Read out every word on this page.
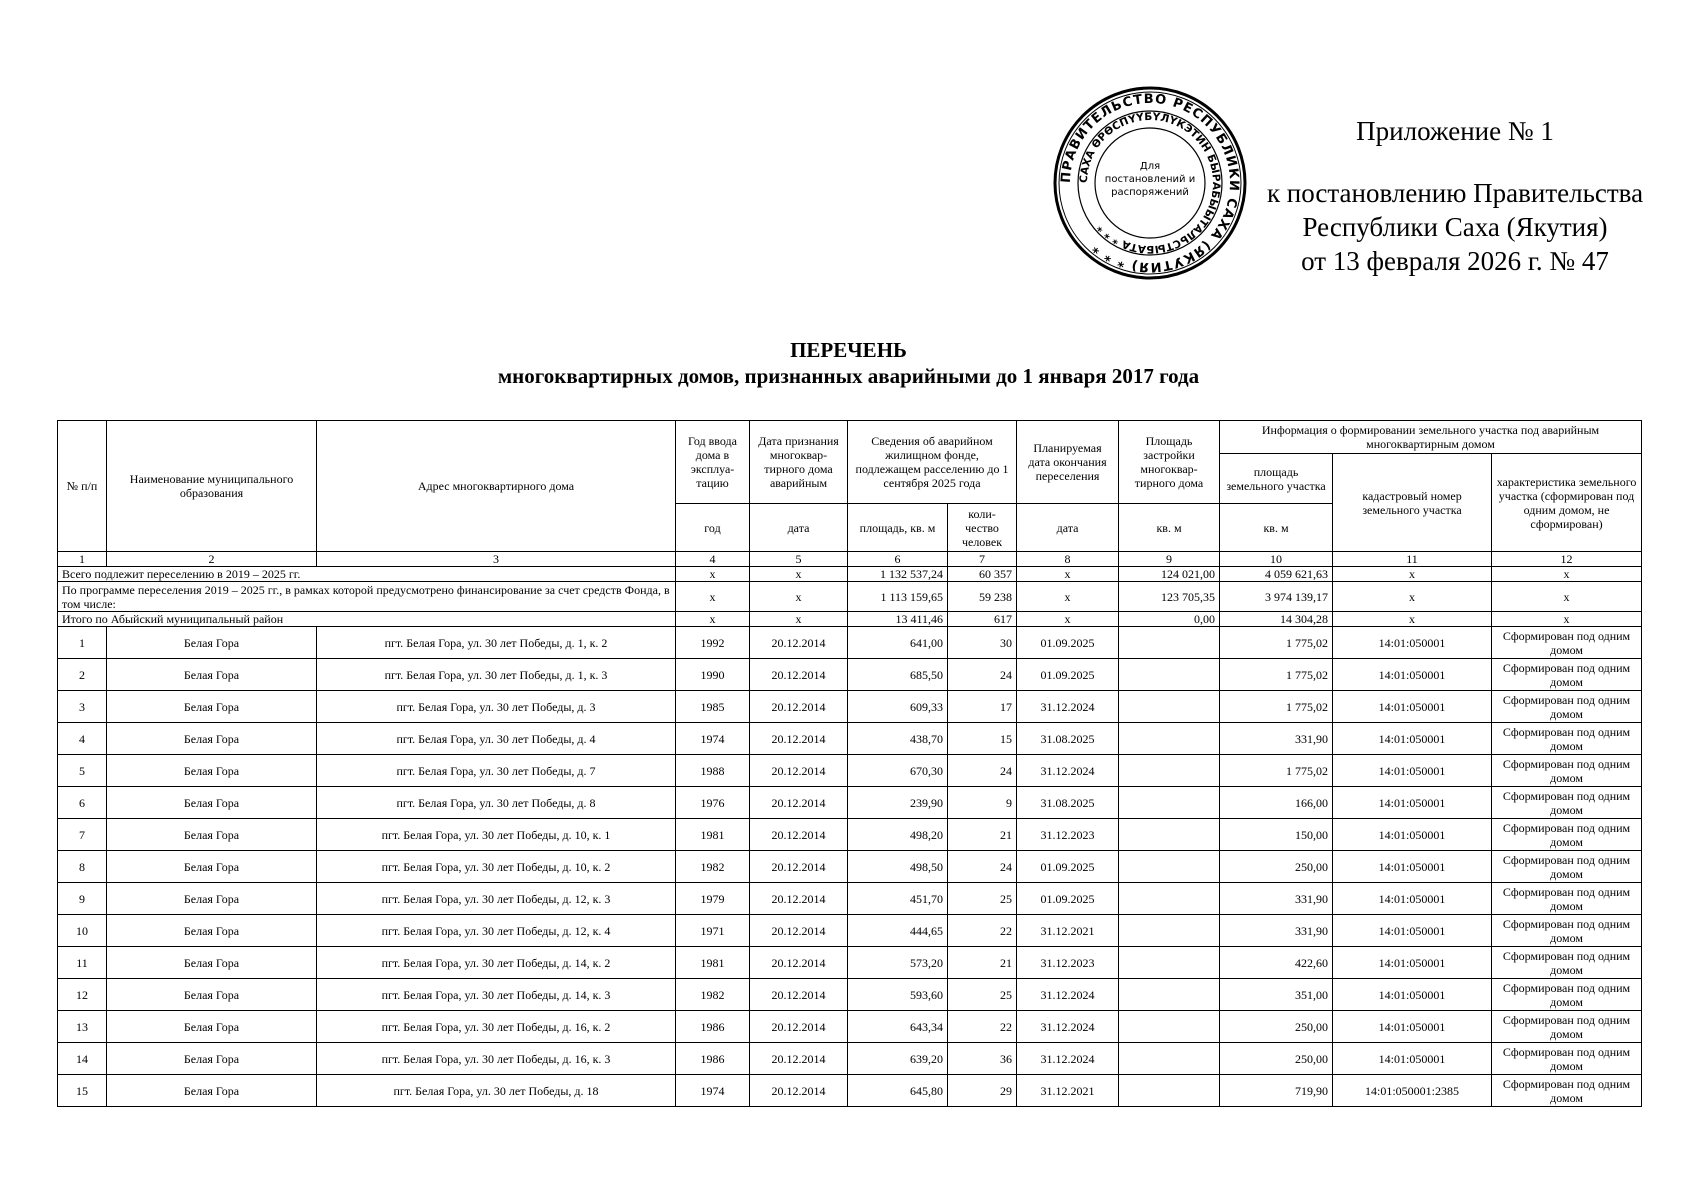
ПРАВИТЕЛЬСТВО РЕСПУБЛИКИ САХА (ЯКУТИЯ) * * *
САХА ӨРӨСПҮҮБҮЛҮКЭТИН БЫРАБЫЫТАЛЬСТЫБАТА * * *
Для
постановлений и
распоряжений
Приложение № 1
к постановлению Правительства
Республики Саха (Якутия)
от 13 февраля 2026 г. № 47
ПЕРЕЧЕНЬ
многоквартирных домов, признанных аварийными до 1 января 2017 года
№ п/п	Наименование муниципального образования	Адрес многоквартирного дома	Год ввода дома в эксплуа-тацию	Дата признания многоквар-тирного дома аварийным	Сведения об аварийном жилищном фонде, подлежащем расселению до 1 сентября 2025 года		Планируемая дата окончания переселения	Площадь застройки многоквар-тирного дома	Информация о формировании земельного участка под аварийным многоквартирным домом		
									площадь земельного участка	кадастровый номер земельного участка	характеристика земельного участка (сформирован под одним домом, не сформирован)
			год	дата	площадь, кв. м	коли-чество человек	дата	кв. м	кв. м		
1	2	3	4	5	6	7	8	9	10	11	12
Всего подлежит переселению в 2019 – 2025 гг.			x	x	1 132 537,24	60 357	x	124 021,00	4 059 621,63	x	x
По программе переселения 2019 – 2025 гг., в рамках которой предусмотрено финансирование за счет средств Фонда, в том числе:			x	x	1 113 159,65	59 238	x	123 705,35	3 974 139,17	x	x
Итого по Абыйский муниципальный район			x	x	13 411,46	617	x	0,00	14 304,28	x	x
1	Белая Гора	пгт. Белая Гора, ул. 30 лет Победы, д. 1, к. 2	1992	20.12.2014	641,00	30	01.09.2025		1 775,02	14:01:050001	Сформирован под одним домом
2	Белая Гора	пгт. Белая Гора, ул. 30 лет Победы, д. 1, к. 3	1990	20.12.2014	685,50	24	01.09.2025		1 775,02	14:01:050001	Сформирован под одним домом
3	Белая Гора	пгт. Белая Гора, ул. 30 лет Победы, д. 3	1985	20.12.2014	609,33	17	31.12.2024		1 775,02	14:01:050001	Сформирован под одним домом
4	Белая Гора	пгт. Белая Гора, ул. 30 лет Победы, д. 4	1974	20.12.2014	438,70	15	31.08.2025		331,90	14:01:050001	Сформирован под одним домом
5	Белая Гора	пгт. Белая Гора, ул. 30 лет Победы, д. 7	1988	20.12.2014	670,30	24	31.12.2024		1 775,02	14:01:050001	Сформирован под одним домом
6	Белая Гора	пгт. Белая Гора, ул. 30 лет Победы, д. 8	1976	20.12.2014	239,90	9	31.08.2025		166,00	14:01:050001	Сформирован под одним домом
7	Белая Гора	пгт. Белая Гора, ул. 30 лет Победы, д. 10, к. 1	1981	20.12.2014	498,20	21	31.12.2023		150,00	14:01:050001	Сформирован под одним домом
8	Белая Гора	пгт. Белая Гора, ул. 30 лет Победы, д. 10, к. 2	1982	20.12.2014	498,50	24	01.09.2025		250,00	14:01:050001	Сформирован под одним домом
9	Белая Гора	пгт. Белая Гора, ул. 30 лет Победы, д. 12, к. 3	1979	20.12.2014	451,70	25	01.09.2025		331,90	14:01:050001	Сформирован под одним домом
10	Белая Гора	пгт. Белая Гора, ул. 30 лет Победы, д. 12, к. 4	1971	20.12.2014	444,65	22	31.12.2021		331,90	14:01:050001	Сформирован под одним домом
11	Белая Гора	пгт. Белая Гора, ул. 30 лет Победы, д. 14, к. 2	1981	20.12.2014	573,20	21	31.12.2023		422,60	14:01:050001	Сформирован под одним домом
12	Белая Гора	пгт. Белая Гора, ул. 30 лет Победы, д. 14, к. 3	1982	20.12.2014	593,60	25	31.12.2024		351,00	14:01:050001	Сформирован под одним домом
13	Белая Гора	пгт. Белая Гора, ул. 30 лет Победы, д. 16, к. 2	1986	20.12.2014	643,34	22	31.12.2024		250,00	14:01:050001	Сформирован под одним домом
14	Белая Гора	пгт. Белая Гора, ул. 30 лет Победы, д. 16, к. 3	1986	20.12.2014	639,20	36	31.12.2024		250,00	14:01:050001	Сформирован под одним домом
15	Белая Гора	пгт. Белая Гора, ул. 30 лет Победы, д. 18	1974	20.12.2014	645,80	29	31.12.2021		719,90	14:01:050001:2385	Сформирован под одним домом
